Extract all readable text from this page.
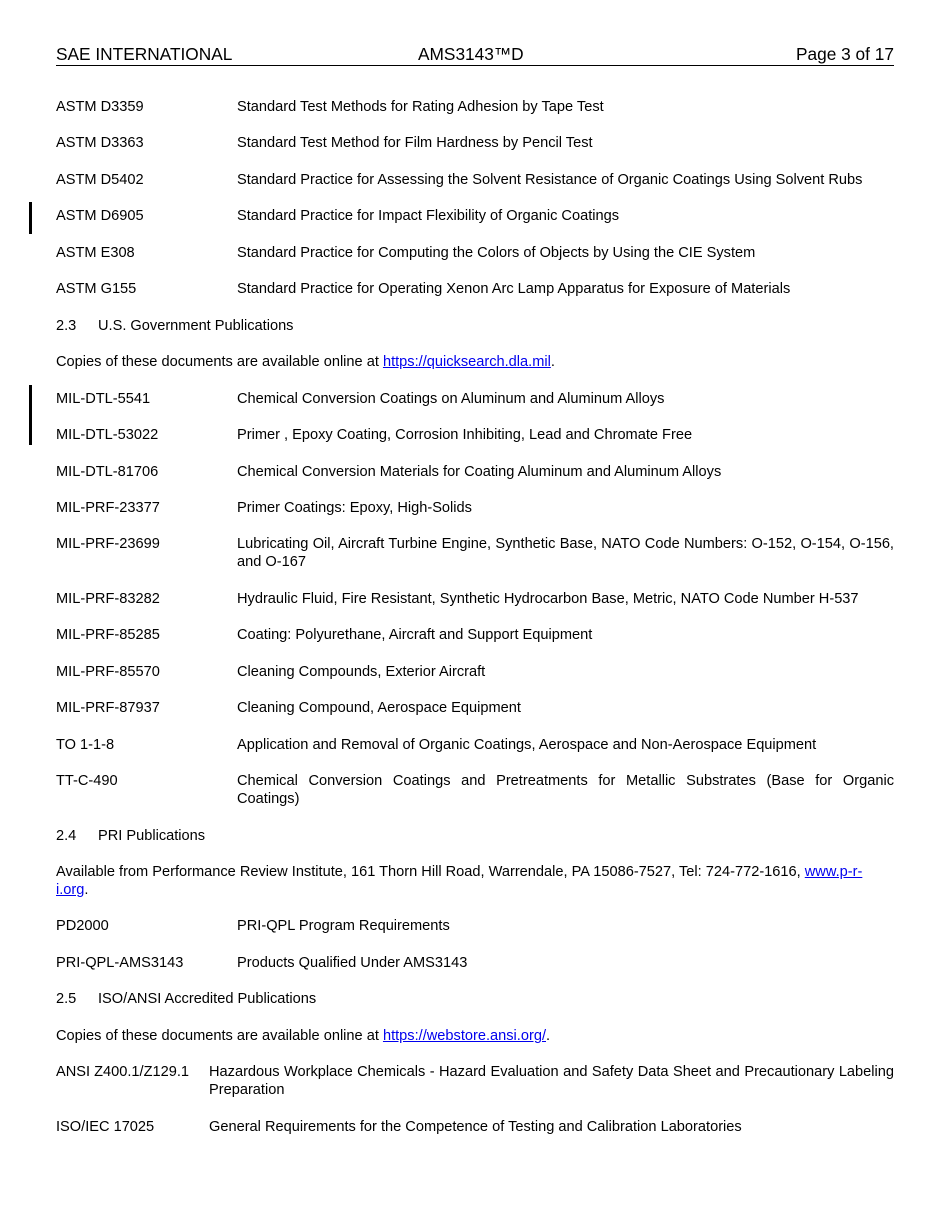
SAE INTERNATIONAL	AMS3143™D	Page 3 of 17
ASTM D3359	Standard Test Methods for Rating Adhesion by Tape Test
ASTM D3363	Standard Test Method for Film Hardness by Pencil Test
ASTM D5402	Standard Practice for Assessing the Solvent Resistance of Organic Coatings Using Solvent Rubs
ASTM D6905	Standard Practice for Impact Flexibility of Organic Coatings
ASTM E308	Standard Practice for Computing the Colors of Objects by Using the CIE System
ASTM G155	Standard Practice for Operating Xenon Arc Lamp Apparatus for Exposure of Materials
2.3 U.S. Government Publications
Copies of these documents are available online at https://quicksearch.dla.mil.
MIL-DTL-5541	Chemical Conversion Coatings on Aluminum and Aluminum Alloys
MIL-DTL-53022	Primer , Epoxy Coating, Corrosion Inhibiting, Lead and Chromate Free
MIL-DTL-81706	Chemical Conversion Materials for Coating Aluminum and Aluminum Alloys
MIL-PRF-23377	Primer Coatings: Epoxy, High-Solids
MIL-PRF-23699	Lubricating Oil, Aircraft Turbine Engine, Synthetic Base, NATO Code Numbers: O-152, O-154, O-156, and O-167
MIL-PRF-83282	Hydraulic Fluid, Fire Resistant, Synthetic Hydrocarbon Base, Metric, NATO Code Number H-537
MIL-PRF-85285	Coating: Polyurethane, Aircraft and Support Equipment
MIL-PRF-85570	Cleaning Compounds, Exterior Aircraft
MIL-PRF-87937	Cleaning Compound, Aerospace Equipment
TO 1-1-8	Application and Removal of Organic Coatings, Aerospace and Non-Aerospace Equipment
TT-C-490	Chemical Conversion Coatings and Pretreatments for Metallic Substrates (Base for Organic Coatings)
2.4 PRI Publications
Available from Performance Review Institute, 161 Thorn Hill Road, Warrendale, PA 15086-7527, Tel: 724-772-1616, www.p-r-i.org.
PD2000	PRI-QPL Program Requirements
PRI-QPL-AMS3143	Products Qualified Under AMS3143
2.5 ISO/ANSI Accredited Publications
Copies of these documents are available online at https://webstore.ansi.org/.
ANSI Z400.1/Z129.1 Hazardous Workplace Chemicals - Hazard Evaluation and Safety Data Sheet and Precautionary Labeling Preparation
ISO/IEC 17025	General Requirements for the Competence of Testing and Calibration Laboratories
